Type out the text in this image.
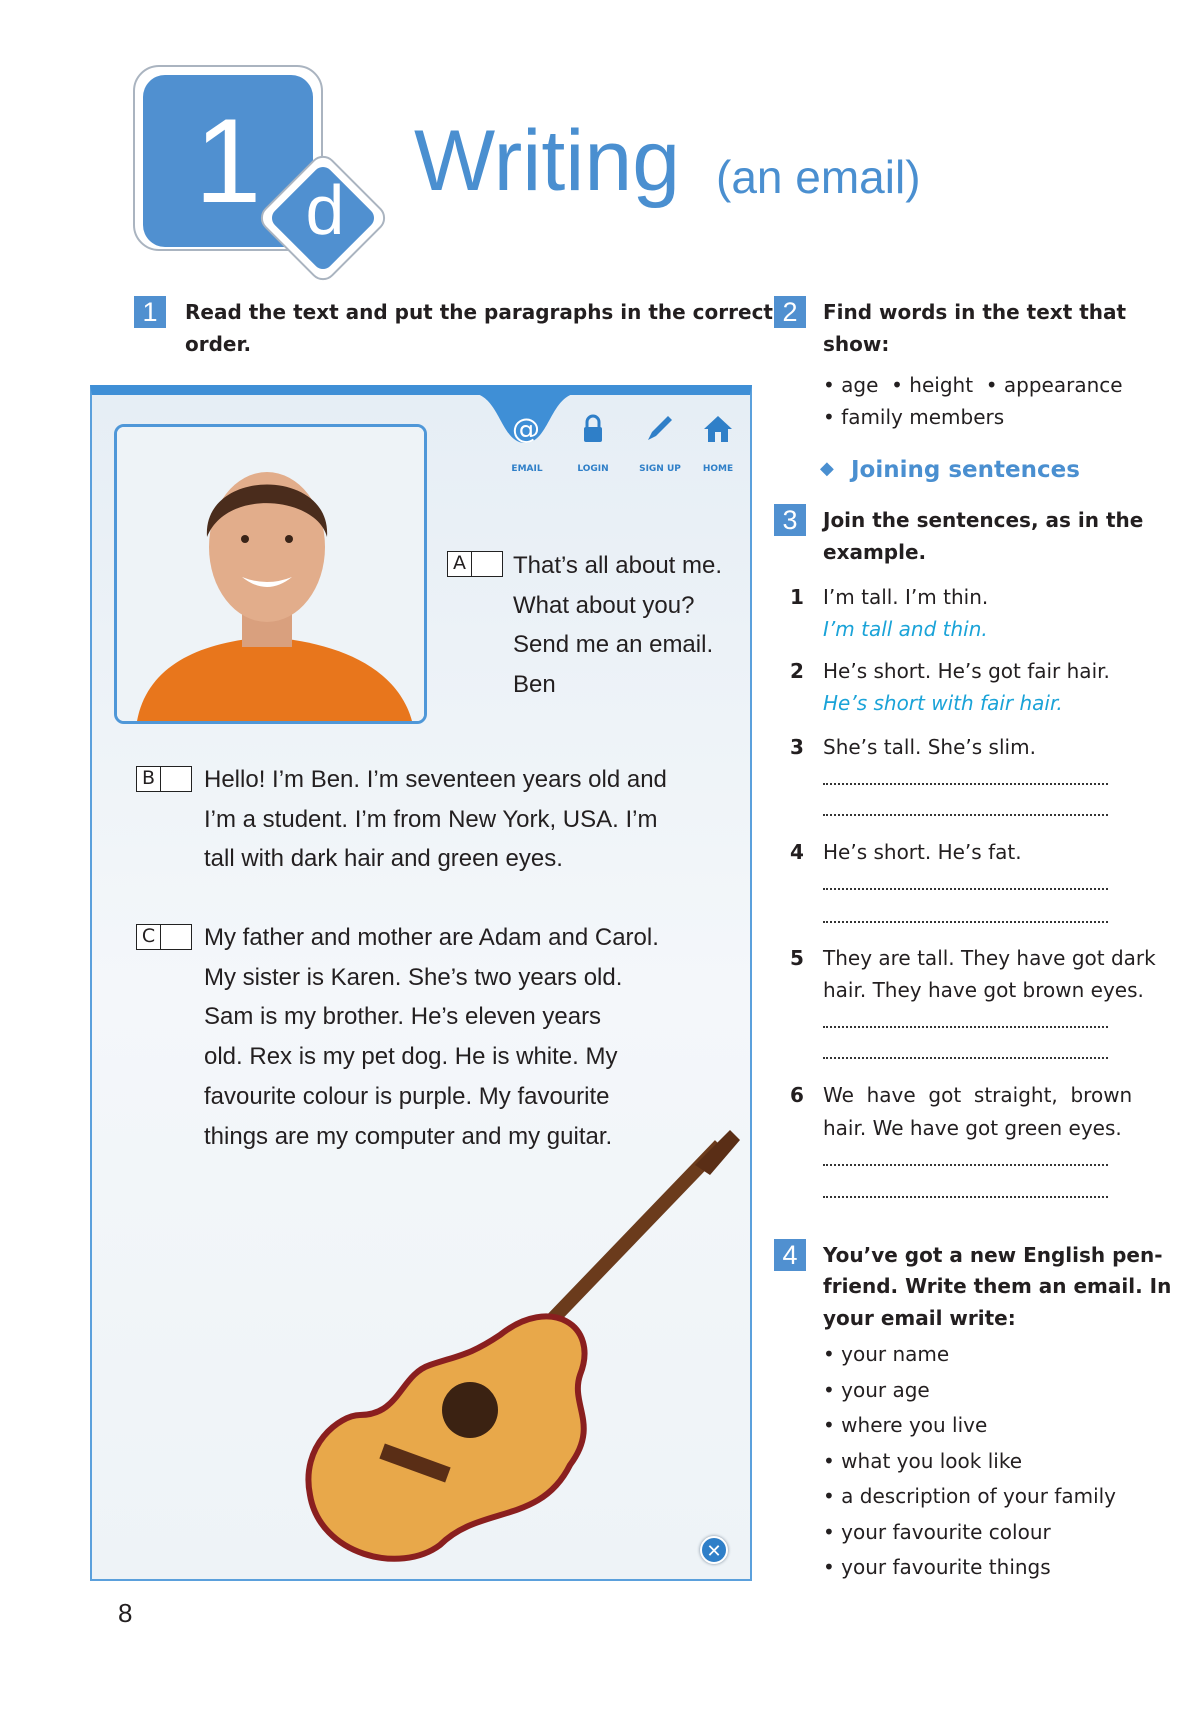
1 d
Writing (an email)
1	Read the text and put the paragraphs in the correct
order.
@
EMAIL	LOGIN	SIGN UP	HOME
A That’s all about me.
What about you?
Send me an email.
Ben
B Hello! I’m Ben. I’m seventeen years old and
I’m a student. I’m from New York, USA. I’m
tall with dark hair and green eyes.
C My father and mother are Adam and Carol.
My sister is Karen. She’s two years old.
Sam is my brother. He’s eleven years
old. Rex is my pet dog. He is white. My
favourite colour is purple. My favourite
things are my computer and my guitar.
✕
8
2	Find words in the text that
show:
• age  • height  • appearance
• family members
◆ Joining sentences
3	Join the sentences, as in the
example.
1 I’m tall. I’m thin.
I’m tall and thin.
2 He’s short. He’s got fair hair.
He’s short with fair hair.
3 She’s tall. She’s slim.
4 He’s short. He’s fat.
5 They are tall. They have got dark
hair. They have got brown eyes.
6 We  have  got  straight,  brown
hair. We have got green eyes.
4	You’ve got a new English pen-
friend. Write them an email. In
your email write:
• your name
• your age
• where you live
• what you look like
• a description of your family
• your favourite colour
• your favourite things
